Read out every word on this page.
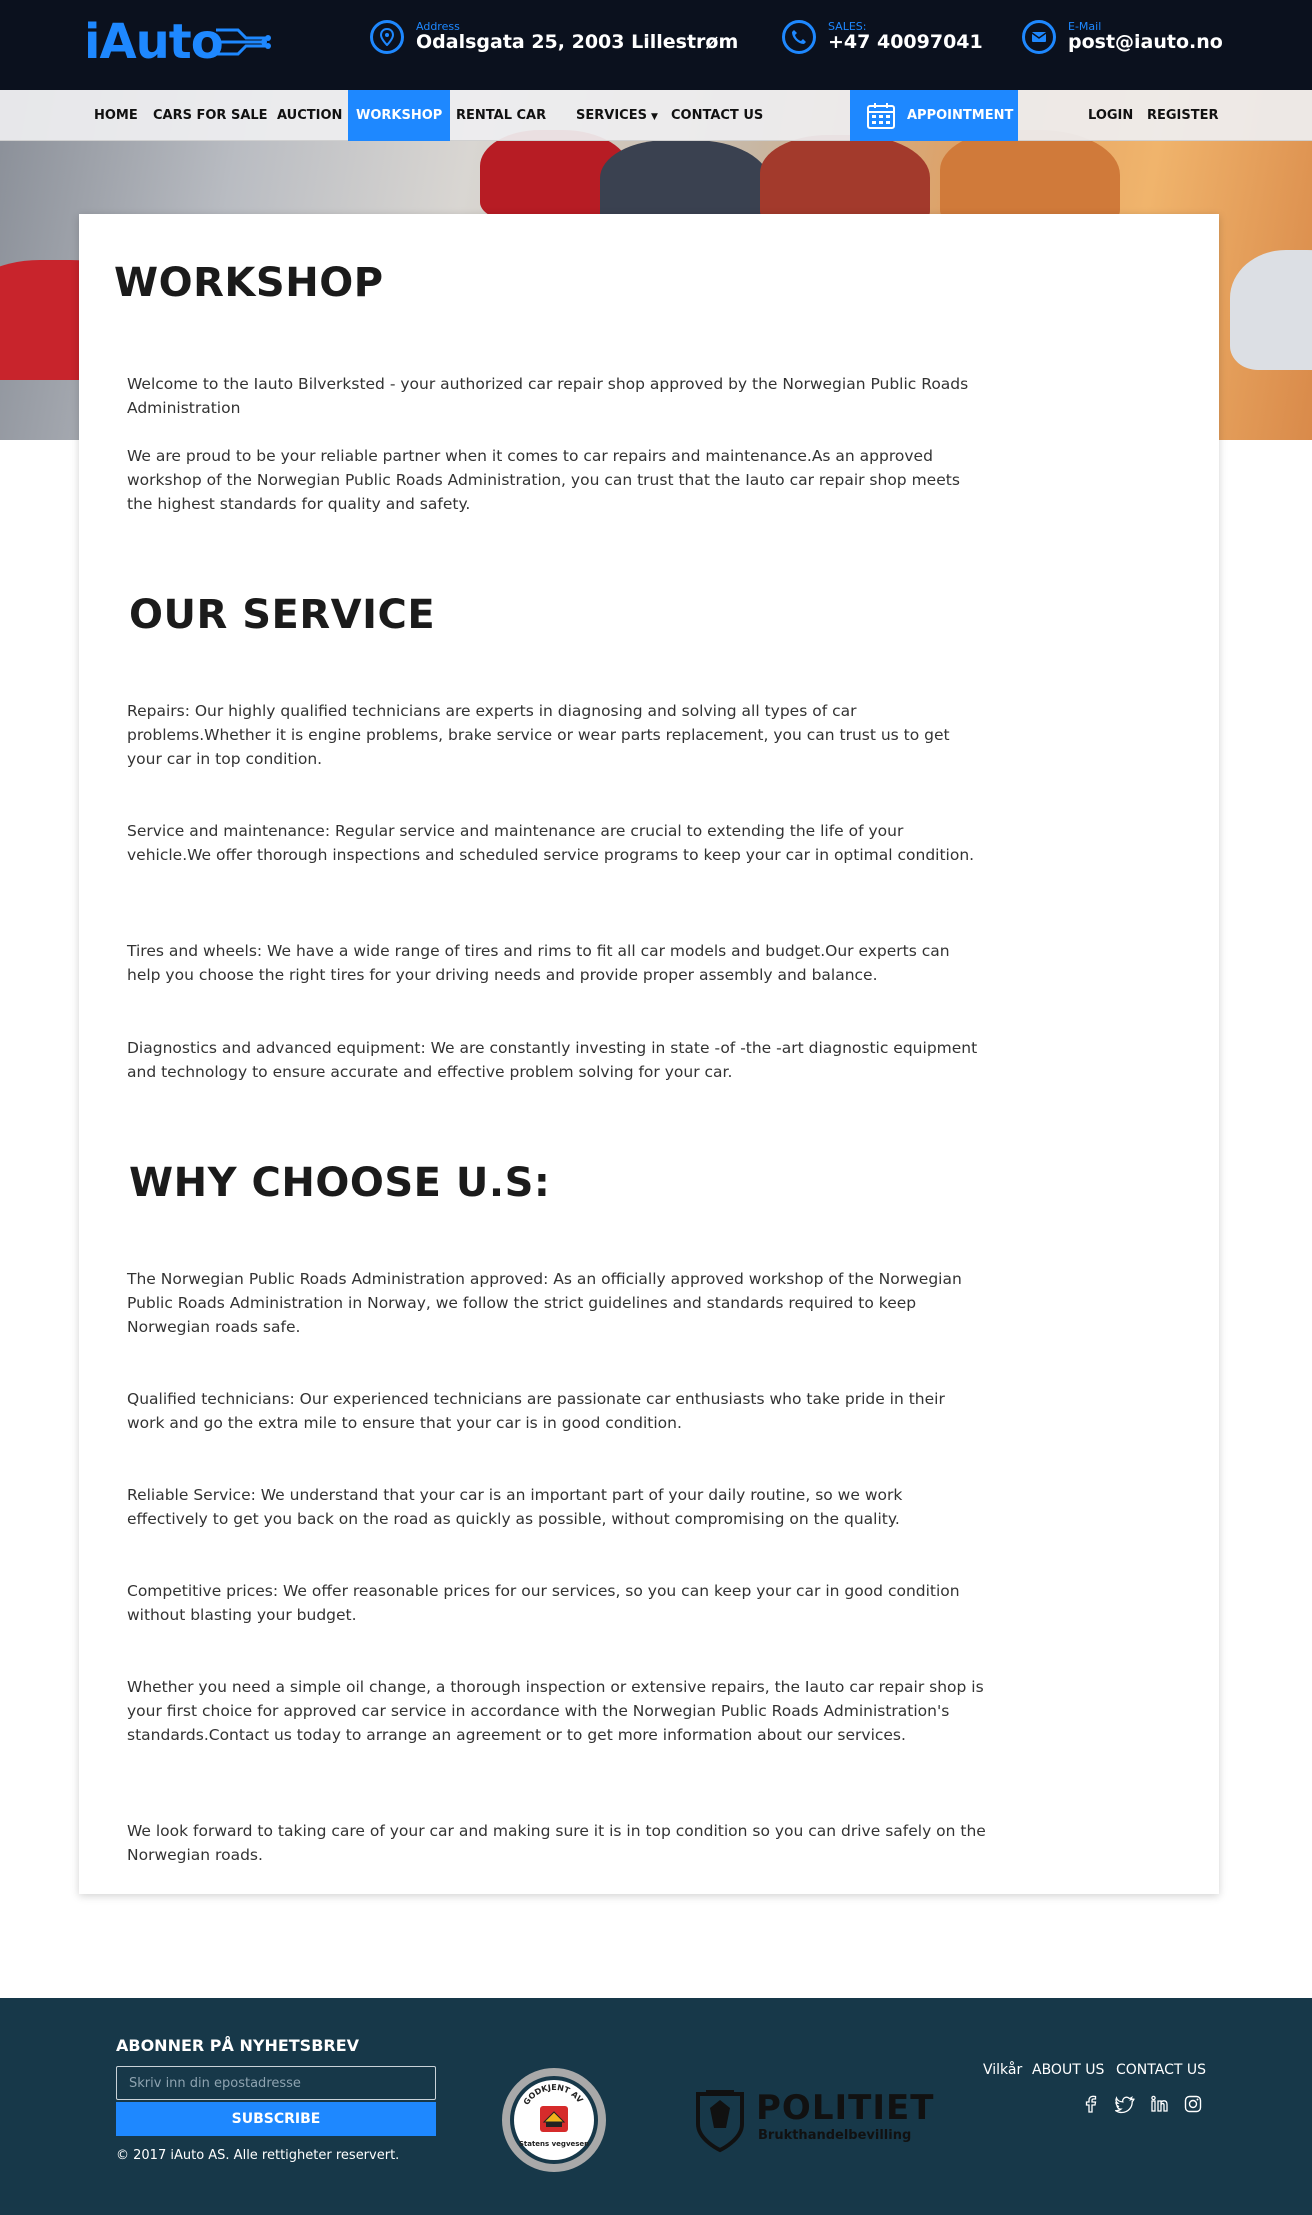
iAuto	Address
Odalsgata 25, 2003 Lillestrøm
SALES:
+47 40097041
E-Mail
post@iauto.no
HOME CARS FOR SALE AUCTION	WORKSHOP	RENTAL CAR SERVICES ▼ CONTACT US	APPOINTMENT	LOGIN REGISTER
WORKSHOP

Welcome to the Iauto Bilverksted - your authorized car repair shop approved by the Norwegian Public Roads Administration

We are proud to be your reliable partner when it comes to car repairs and maintenance.As an approved workshop of the Norwegian Public Roads Administration, you can trust that the Iauto car repair shop meets the highest standards for quality and safety.

OUR SERVICE

Repairs: Our highly qualified technicians are experts in diagnosing and solving all types of car problems.Whether it is engine problems, brake service or wear parts replacement, you can trust us to get your car in top condition.

Service and maintenance: Regular service and maintenance are crucial to extending the life of your vehicle.We offer thorough inspections and scheduled service programs to keep your car in optimal condition.

Tires and wheels: We have a wide range of tires and rims to fit all car models and budget.Our experts can help you choose the right tires for your driving needs and provide proper assembly and balance.

Diagnostics and advanced equipment: We are constantly investing in state -of -the -art diagnostic equipment and technology to ensure accurate and effective problem solving for your car.

WHY CHOOSE U.S:

The Norwegian Public Roads Administration approved: As an officially approved workshop of the Norwegian Public Roads Administration in Norway, we follow the strict guidelines and standards required to keep Norwegian roads safe.

Qualified technicians: Our experienced technicians are passionate car enthusiasts who take pride in their work and go the extra mile to ensure that your car is in good condition.

Reliable Service: We understand that your car is an important part of your daily routine, so we work effectively to get you back on the road as quickly as possible, without compromising on the quality.

Competitive prices: We offer reasonable prices for our services, so you can keep your car in good condition without blasting your budget.

Whether you need a simple oil change, a thorough inspection or extensive repairs, the Iauto car repair shop is your first choice for approved car service in accordance with the Norwegian Public Roads Administration's standards.Contact us today to arrange an agreement or to get more information about our services.

We look forward to taking care of your car and making sure it is in top condition so you can drive safely on the Norwegian roads.

ABONNER PÅ NYHETSBREV
Skriv inn din epostadresse
SUBSCRIBE
© 2017 iAuto AS. Alle rettigheter reservert.
GODKJENT AV
Statens vegvesen
POLITIET
Brukthandelbevilling
Vilkår ABOUT US CONTACT US
